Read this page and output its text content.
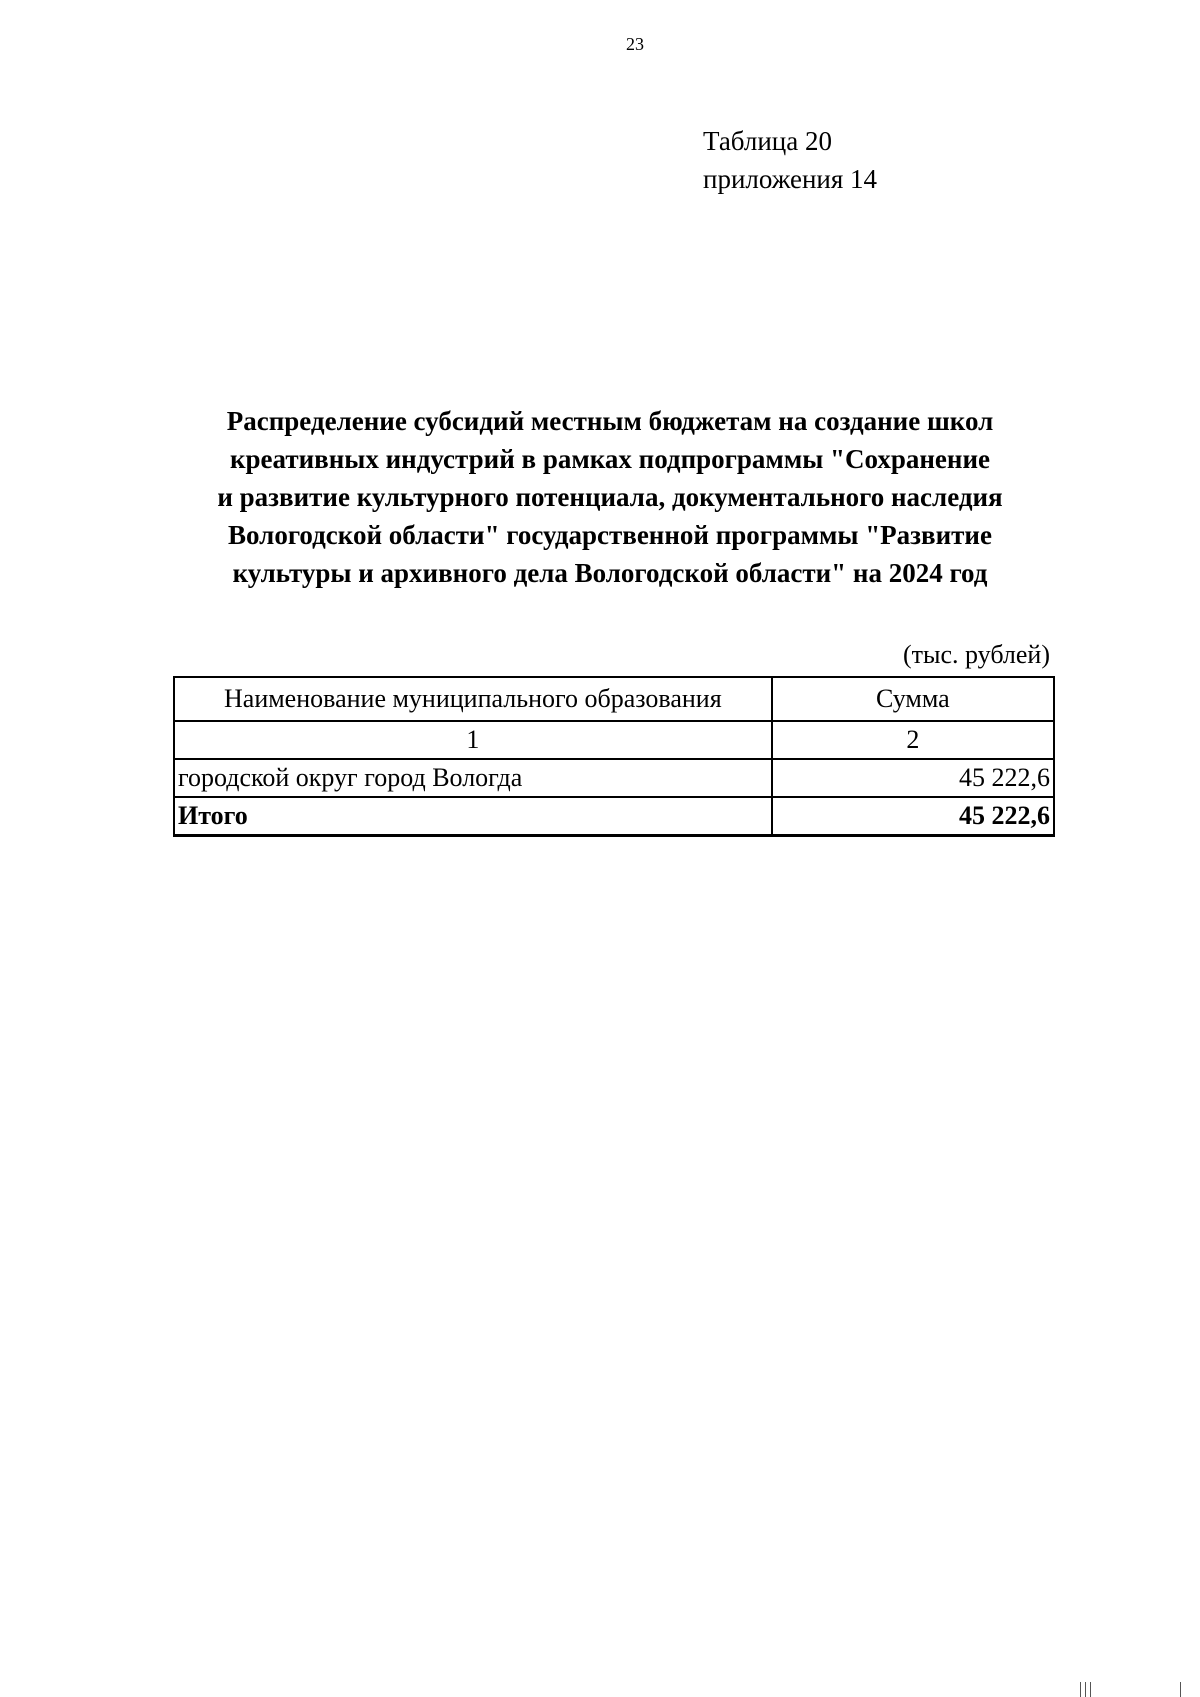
23
Таблица 20
приложения 14
Распределение субсидий местным бюджетам на создание школ
креативных индустрий в рамках подпрограммы "Сохранение
и развитие культурного потенциала, документального наследия
Вологодской области" государственной программы "Развитие
культуры и архивного дела Вологодской области" на 2024 год
(тыс. рублей)
Наименование муниципального образования	Сумма
1	2
городской округ город Вологда	45 222,6
Итого	45 222,6
